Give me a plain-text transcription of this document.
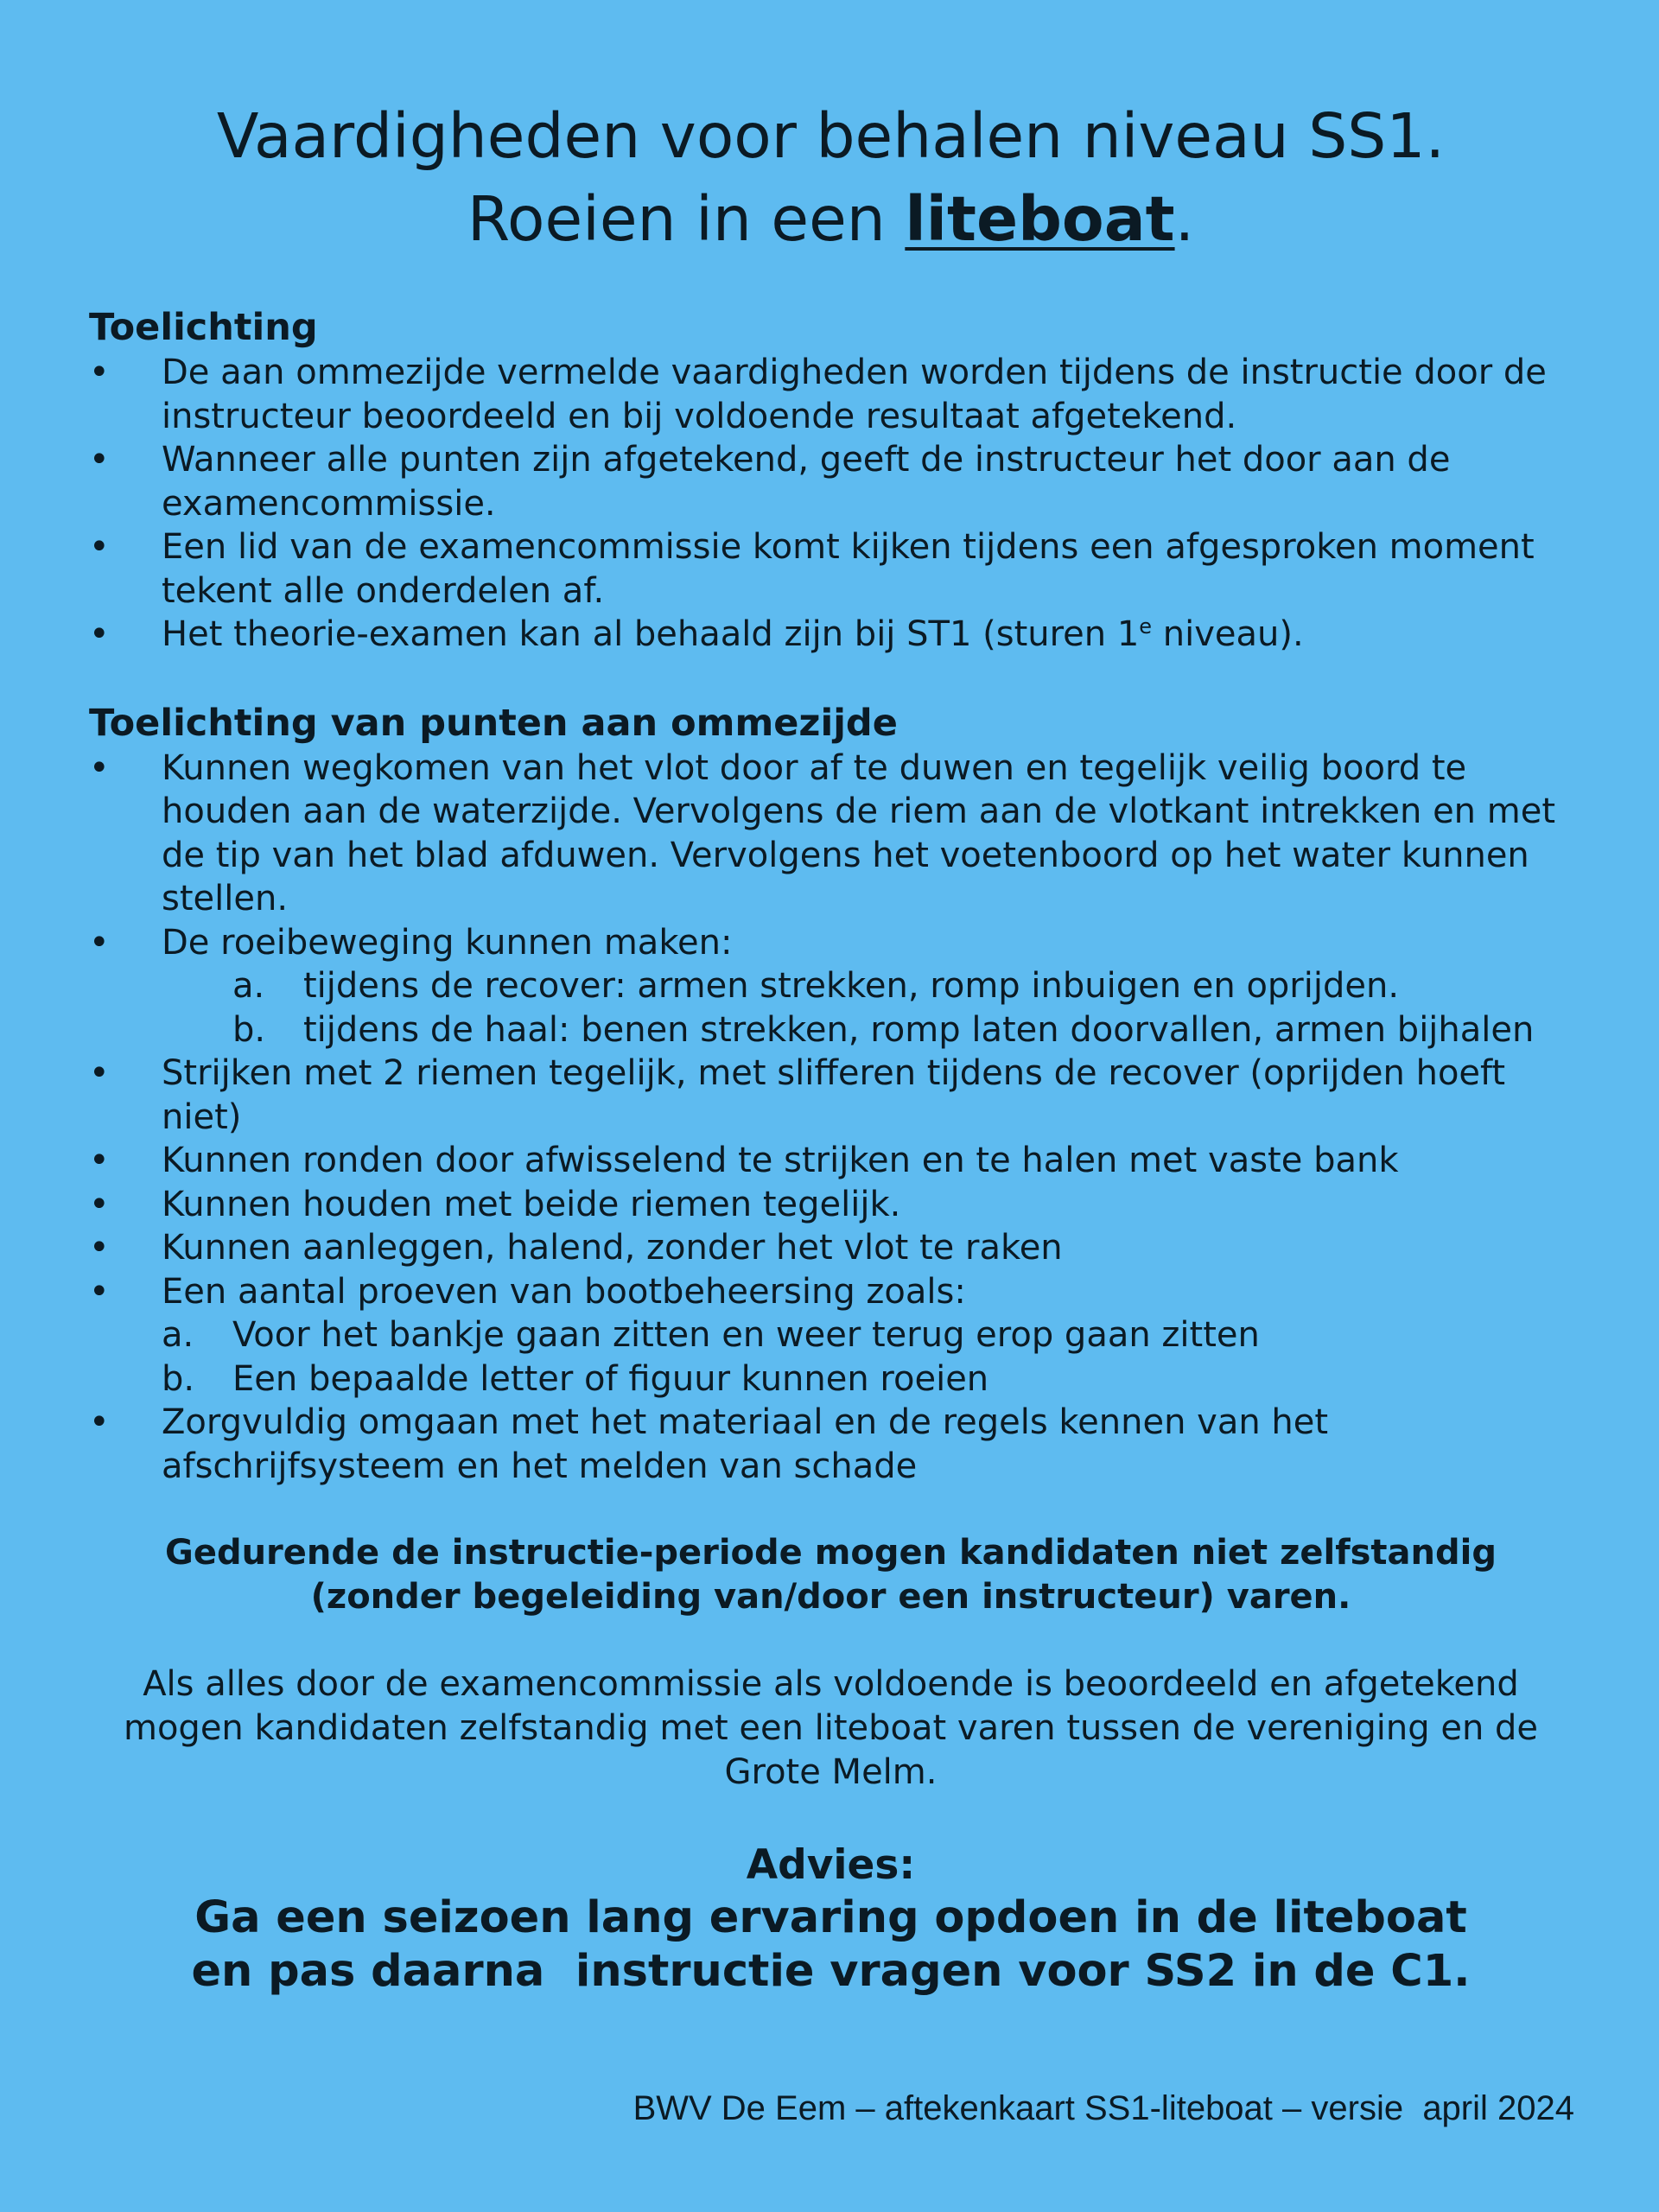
Vaardigheden voor behalen niveau SS1.
Roeien in een liteboat.
Toelichting
• De aan ommezijde vermelde vaardigheden worden tijdens de instructie door de instructeur beoordeeld en bij voldoende resultaat afgetekend.
• Wanneer alle punten zijn afgetekend, geeft de instructeur het door aan de examencommissie.
• Een lid van de examencommissie komt kijken tijdens een afgesproken moment tekent alle onderdelen af.
• Het theorie-examen kan al behaald zijn bij ST1 (sturen 1e niveau).
Toelichting van punten aan ommezijde
• Kunnen wegkomen van het vlot door af te duwen en tegelijk veilig boord te houden aan de waterzijde. Vervolgens de riem aan de vlotkant intrekken en met de tip van het blad afduwen. Vervolgens het voetenboord op het water kunnen stellen.
• De roeibeweging kunnen maken:
a. tijdens de recover: armen strekken, romp inbuigen en oprijden.
b. tijdens de haal: benen strekken, romp laten doorvallen, armen bijhalen
• Strijken met 2 riemen tegelijk, met slifferen tijdens de recover (oprijden hoeft niet)
• Kunnen ronden door afwisselend te strijken en te halen met vaste bank
• Kunnen houden met beide riemen tegelijk.
• Kunnen aanleggen, halend, zonder het vlot te raken
• Een aantal proeven van bootbeheersing zoals:
a. Voor het bankje gaan zitten en weer terug erop gaan zitten
b. Een bepaalde letter of figuur kunnen roeien
• Zorgvuldig omgaan met het materiaal en de regels kennen van het afschrijfsysteem en het melden van schade
Gedurende de instructie-periode mogen kandidaten niet zelfstandig
(zonder begeleiding van/door een instructeur) varen.
Als alles door de examencommissie als voldoende is beoordeeld en afgetekend
mogen kandidaten zelfstandig met een liteboat varen tussen de vereniging en de
Grote Melm.
Advies:
Ga een seizoen lang ervaring opdoen in de liteboat
en pas daarna  instructie vragen voor SS2 in de C1.
BWV De Eem – aftekenkaart SS1-liteboat – versie  april 2024
